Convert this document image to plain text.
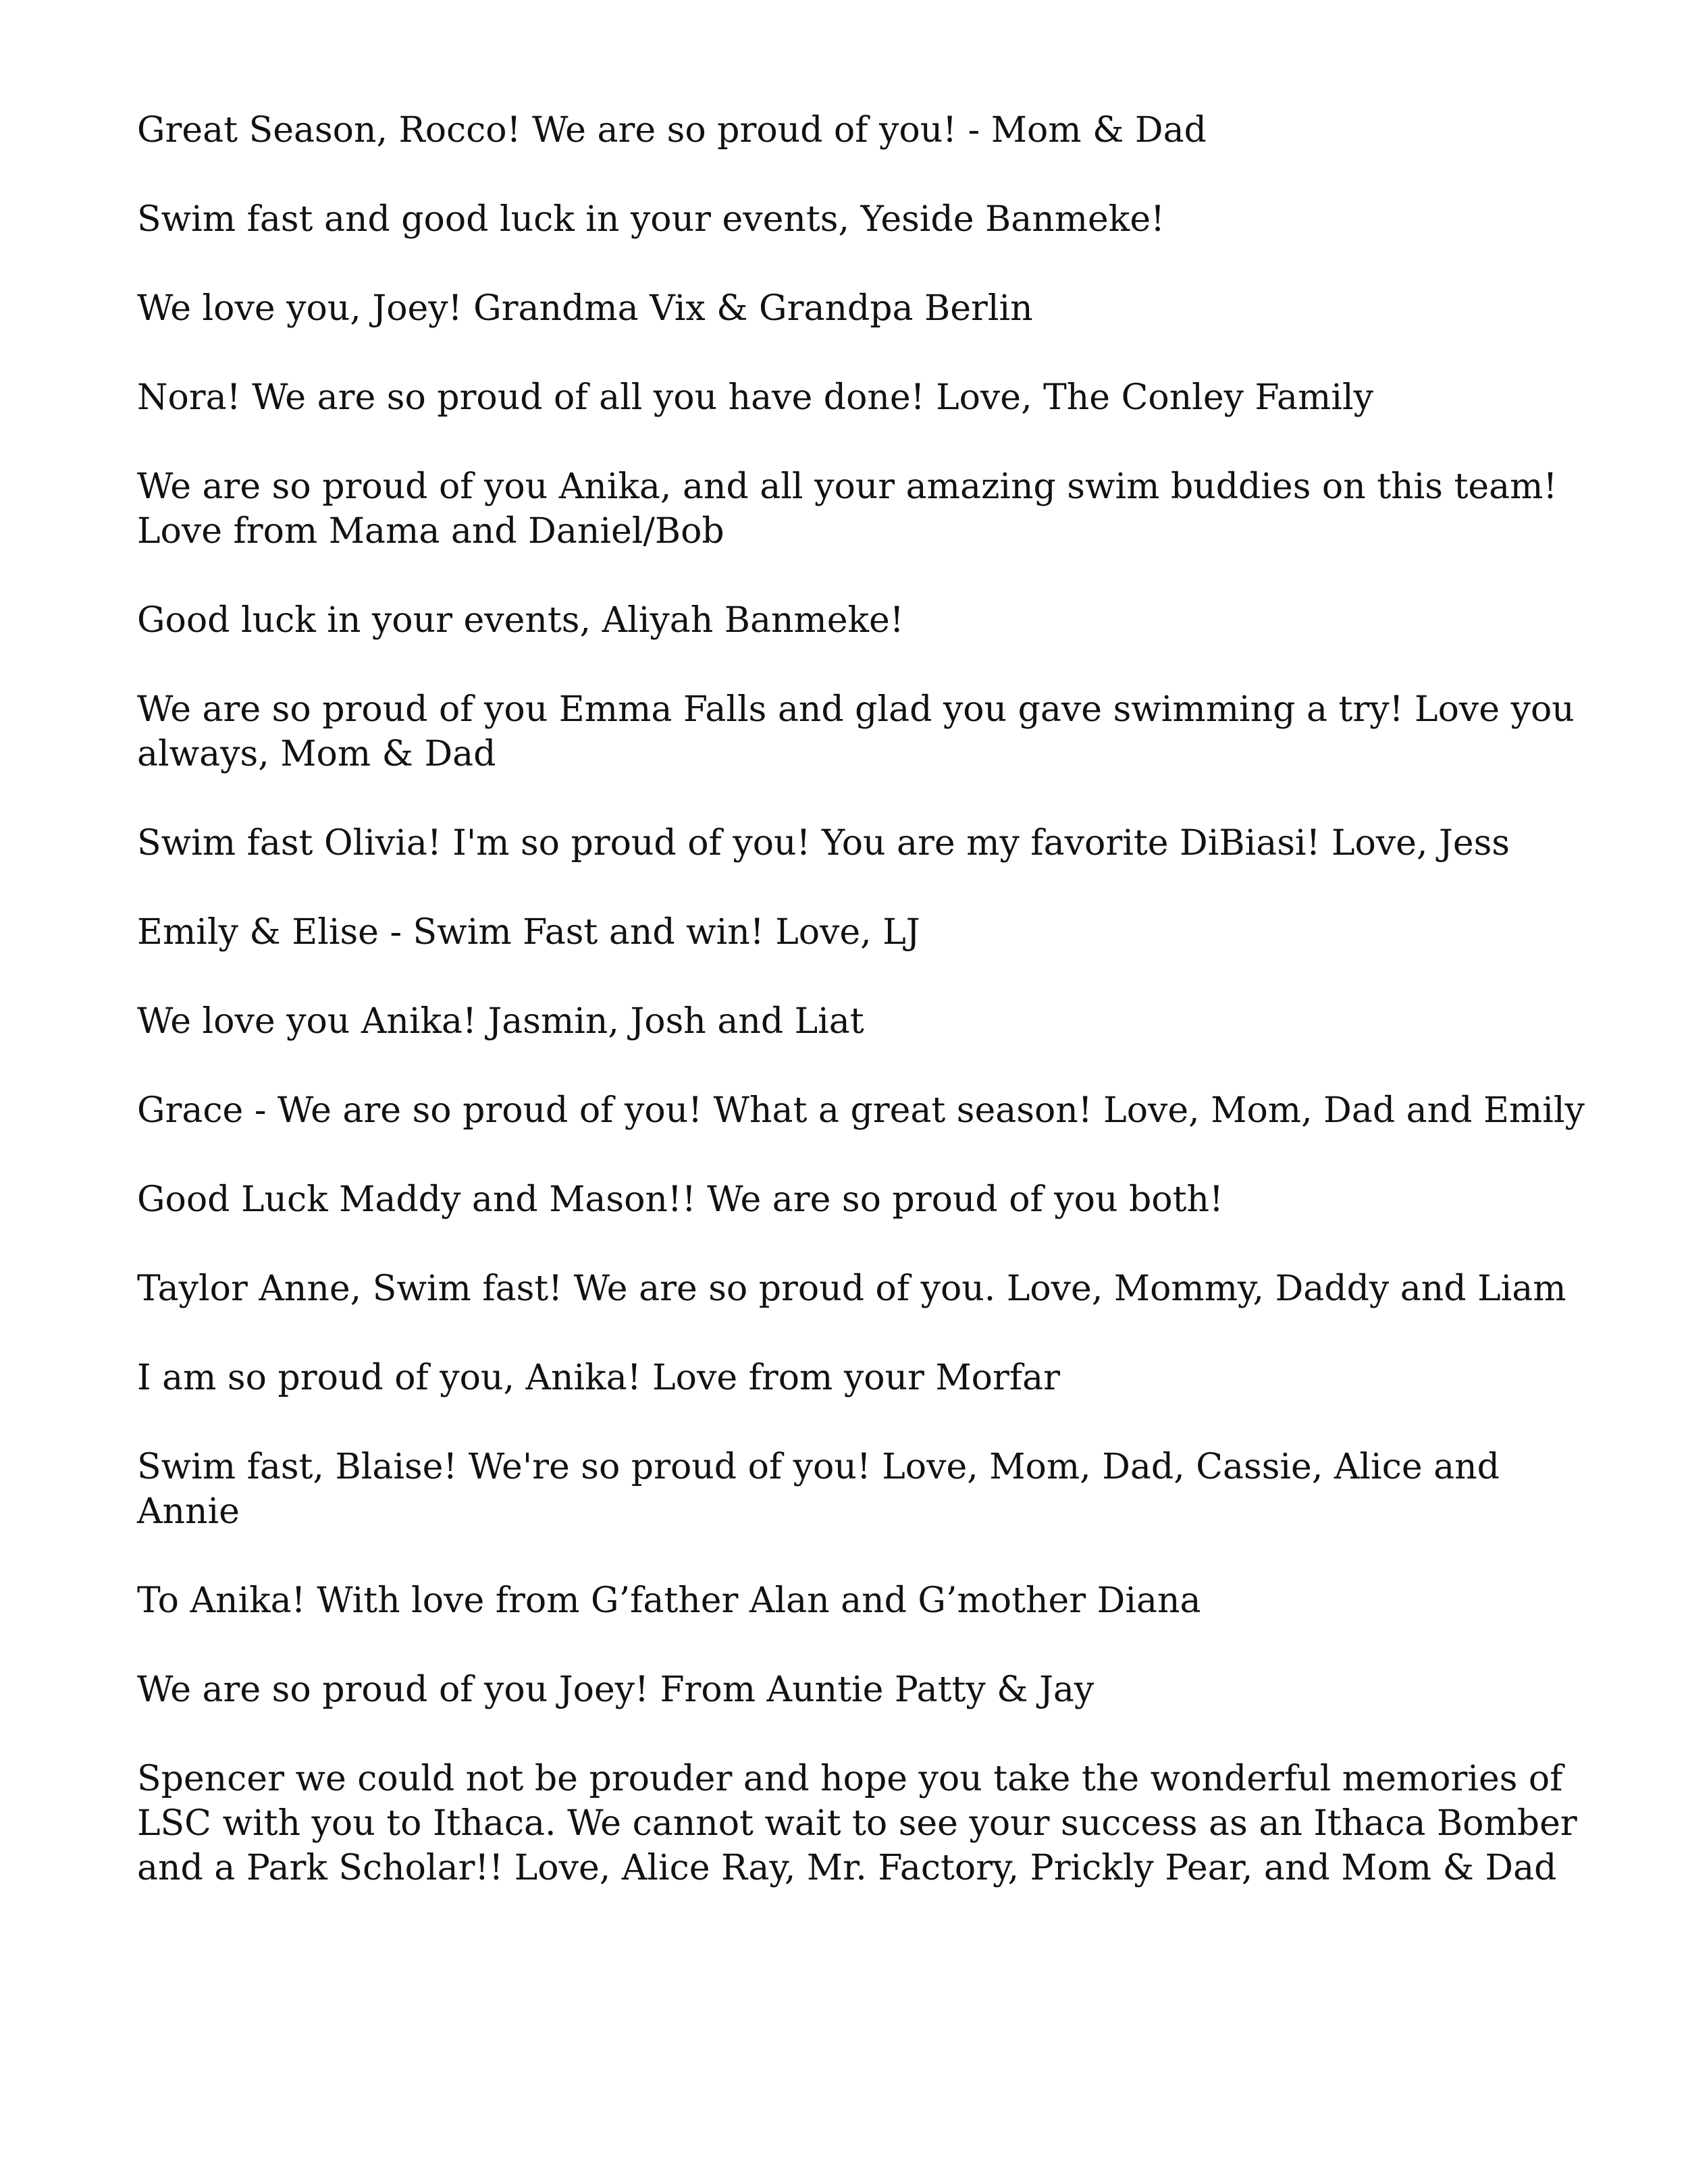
Great Season, Rocco! We are so proud of you! - Mom & Dad

Swim fast and good luck in your events, Yeside Banmeke!

We love you, Joey! Grandma Vix & Grandpa Berlin

Nora! We are so proud of all you have done! Love, The Conley Family

We are so proud of you Anika, and all your amazing swim buddies on this team! Love from Mama and Daniel/Bob

Good luck in your events, Aliyah Banmeke!

We are so proud of you Emma Falls and glad you gave swimming a try! Love you always, Mom & Dad

Swim fast Olivia! I'm so proud of you! You are my favorite DiBiasi! Love, Jess

Emily & Elise - Swim Fast and win! Love, LJ

We love you Anika! Jasmin, Josh and Liat

Grace - We are so proud of you! What a great season! Love, Mom, Dad and Emily

Good Luck Maddy and Mason!! We are so proud of you both!

Taylor Anne, Swim fast! We are so proud of you. Love, Mommy, Daddy and Liam

I am so proud of you, Anika! Love from your Morfar

Swim fast, Blaise! We're so proud of you! Love, Mom, Dad, Cassie, Alice and Annie

To Anika! With love from G’father Alan and G’mother Diana

We are so proud of you Joey! From Auntie Patty & Jay

Spencer we could not be prouder and hope you take the wonderful memories of LSC with you to Ithaca. We cannot wait to see your success as an Ithaca Bomber and a Park Scholar!! Love, Alice Ray, Mr. Factory, Prickly Pear, and Mom & Dad
